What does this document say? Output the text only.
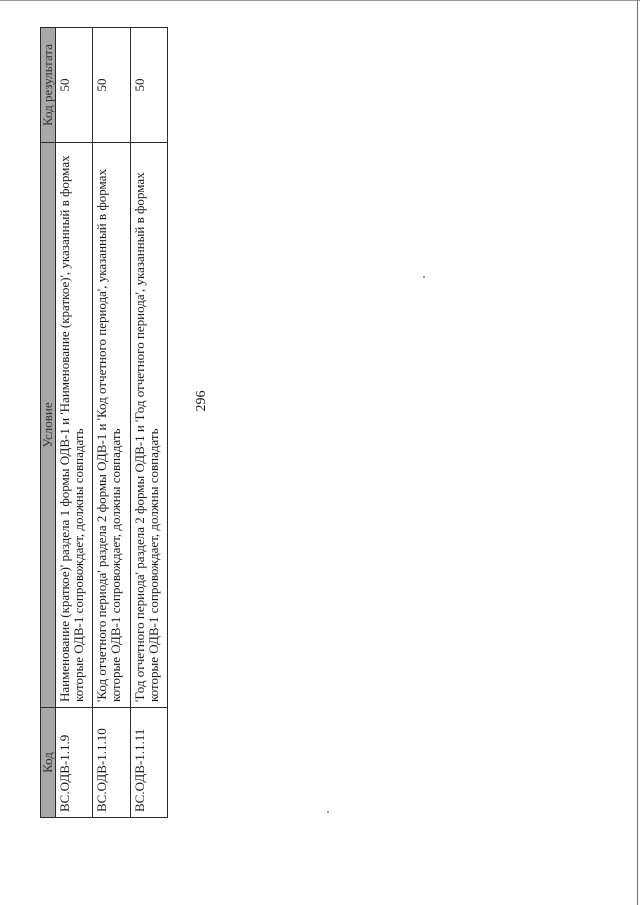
296
Код	Условие	Код результата
ВС.ОДВ-1.1.9	Наименование (краткое)' раздела 1 формы ОДВ-1 и 'Наименование (краткое)', указанный в формах которые ОДВ-1 сопровождает, должны совпадать	50
ВС.ОДВ-1.1.10	'Код отчетного периода' раздела 2 формы ОДВ-1 и 'Код отчетного периода', указанный в формах которые ОДВ-1 сопровождает, должны совпадать	50
ВС.ОДВ-1.1.11	'Год отчетного периода' раздела 2 формы ОДВ-1 и 'Год отчетного периода', указанный в формах которые ОДВ-1 сопровождает, должны совпадать	50
